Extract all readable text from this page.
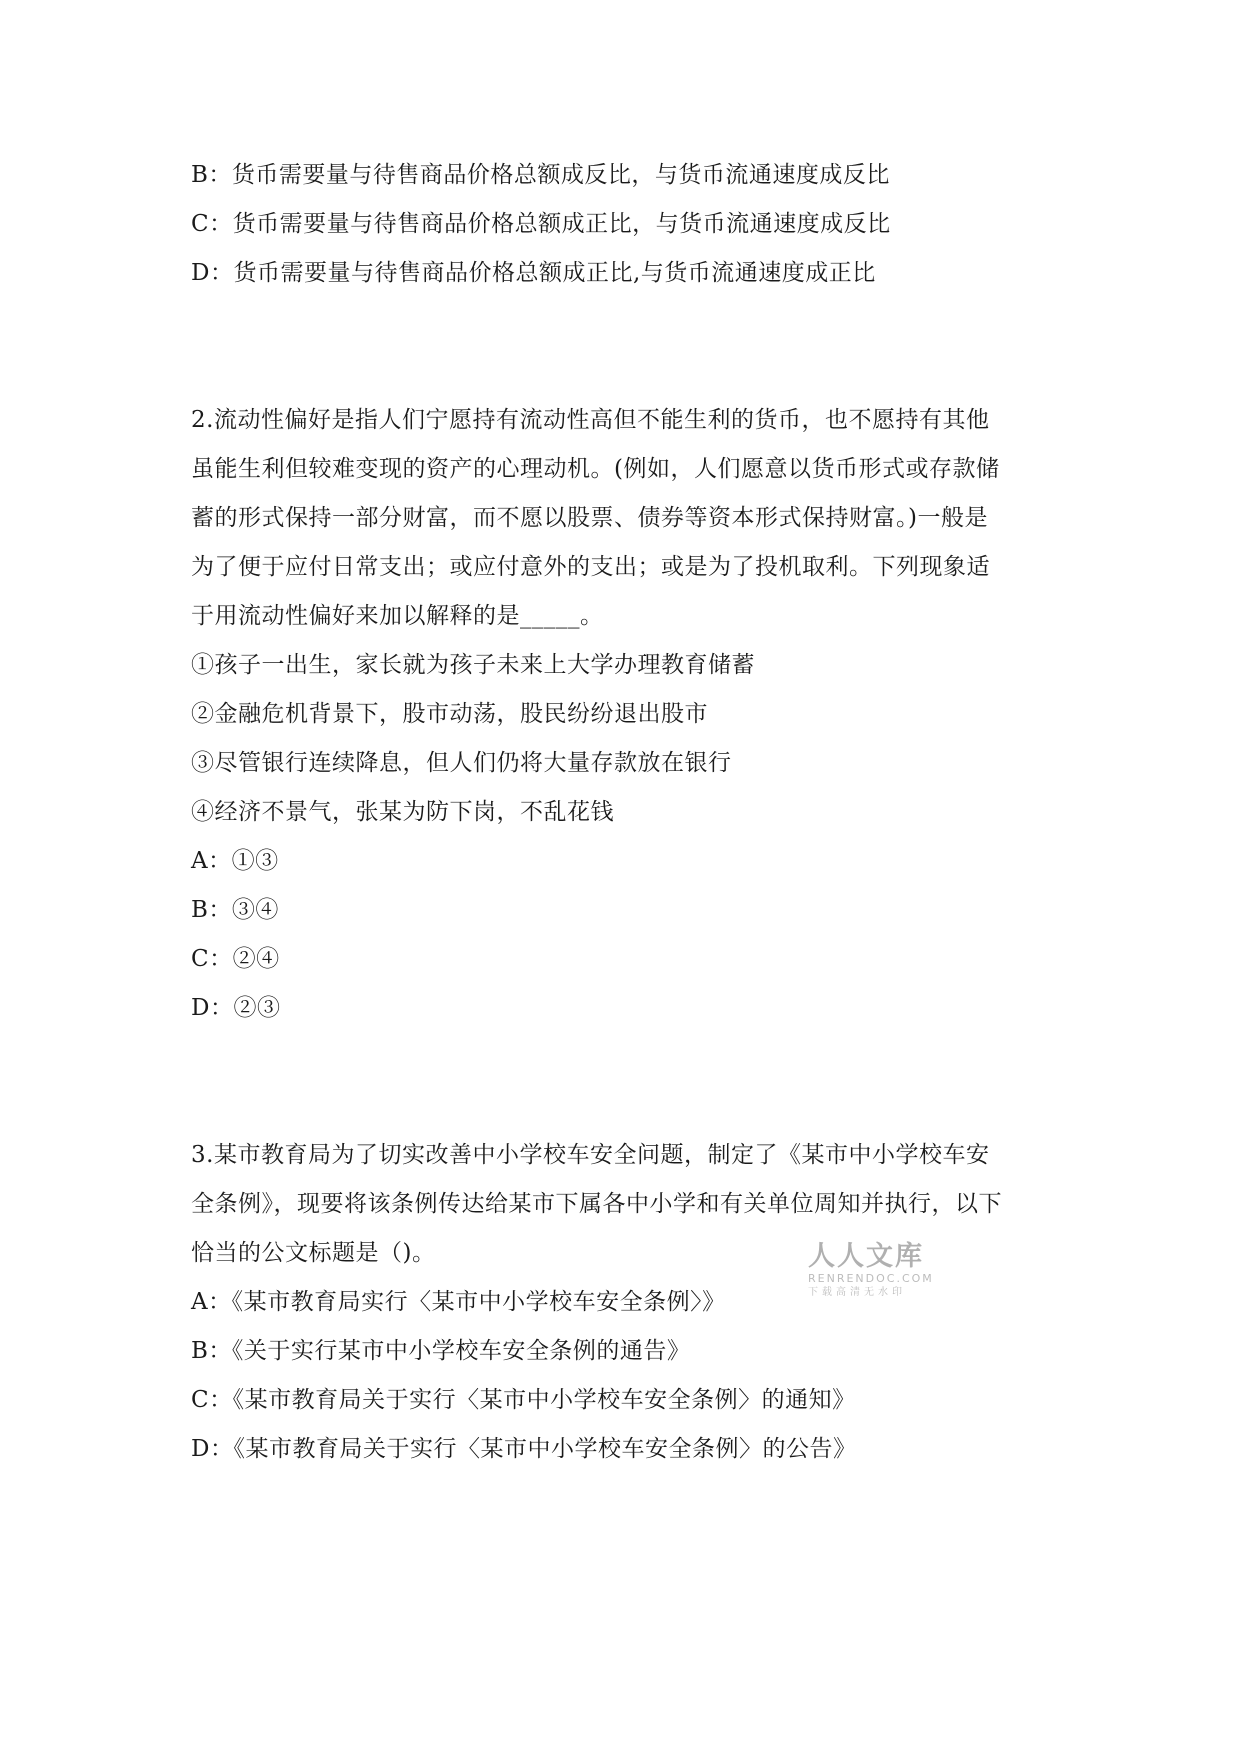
B：货币需要量与待售商品价格总额成反比，与货币流通速度成反比
C：货币需要量与待售商品价格总额成正比，与货币流通速度成反比
D：货币需要量与待售商品价格总额成正比,与货币流通速度成正比
2.流动性偏好是指人们宁愿持有流动性高但不能生利的货币，也不愿持有其他
虽能生利但较难变现的资产的心理动机。(例如，人们愿意以货币形式或存款储
蓄的形式保持一部分财富，而不愿以股票、债券等资本形式保持财富。)一般是
为了便于应付日常支出；或应付意外的支出；或是为了投机取利。下列现象适
于用流动性偏好来加以解释的是_____。
①孩子一出生，家长就为孩子未来上大学办理教育储蓄
②金融危机背景下，股市动荡，股民纷纷退出股市
③尽管银行连续降息，但人们仍将大量存款放在银行
④经济不景气，张某为防下岗，不乱花钱
A：①③
B：③④
C：②④
D：②③
3.某市教育局为了切实改善中小学校车安全问题，制定了《某市中小学校车安
全条例》，现要将该条例传达给某市下属各中小学和有关单位周知并执行，以下
恰当的公文标题是（)。
A：《某市教育局实行〈某市中小学校车安全条例〉》
B：《关于实行某市中小学校车安全条例的通告》
C：《某市教育局关于实行〈某市中小学校车安全条例〉的通知》
D：《某市教育局关于实行〈某市中小学校车安全条例〉的公告》
人人文库
RENRENDOC.COM
下载高清无水印
